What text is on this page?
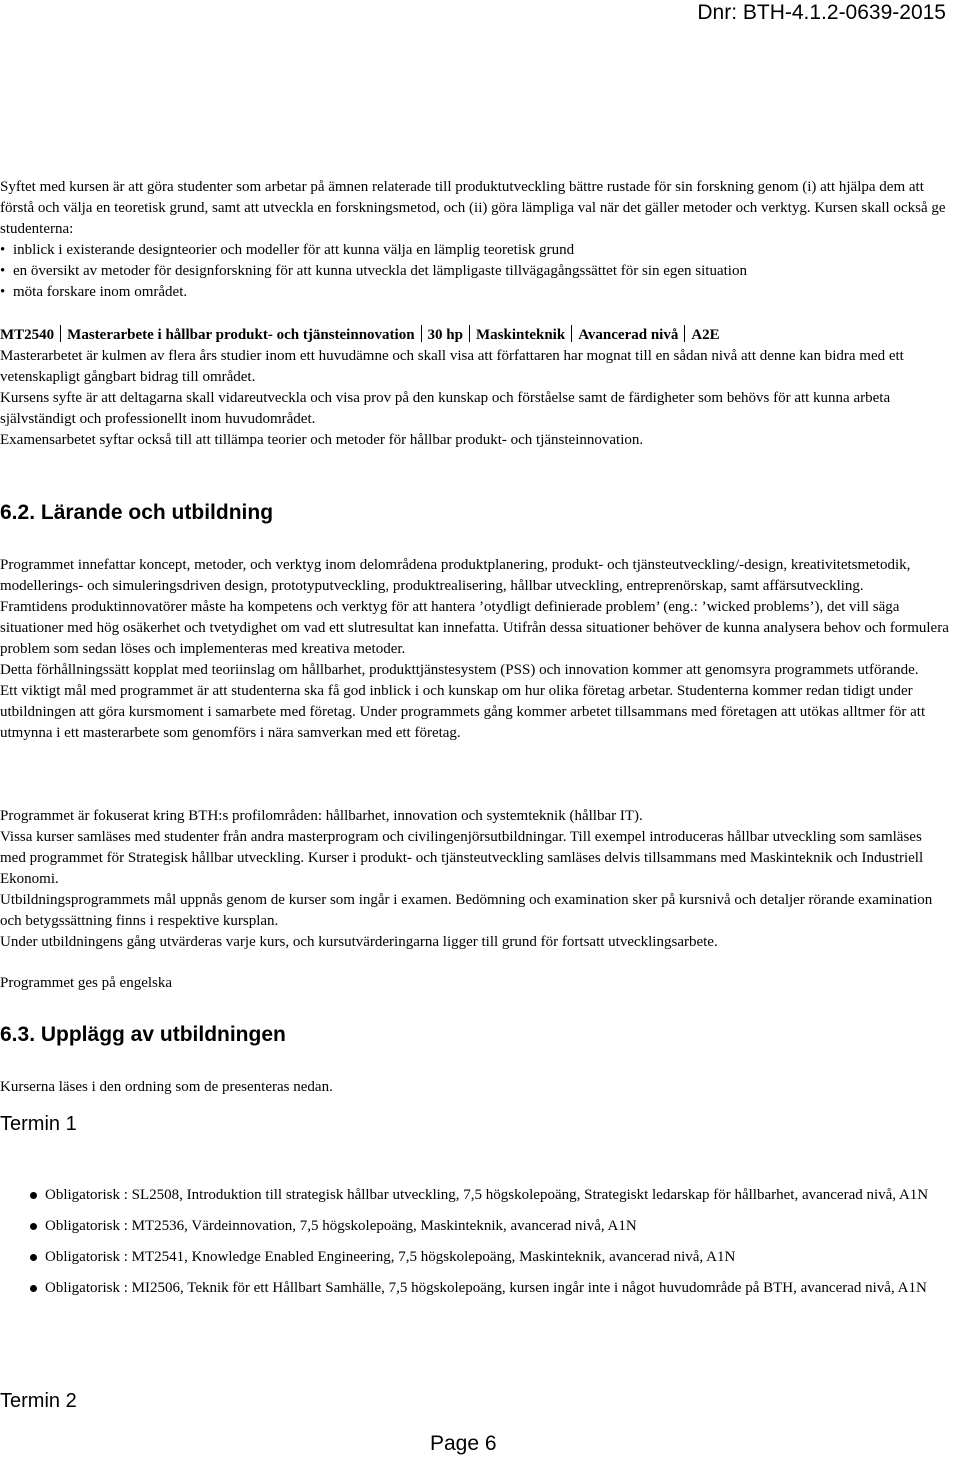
Dnr: BTH-4.1.2-0639-2015

Syftet med kursen är att göra studenter som arbetar på ämnen relaterade till produktutveckling bättre rustade för sin forskning genom (i) att hjälpa dem att förstå och välja en teoretisk grund, samt att utveckla en forskningsmetod, och (ii) göra lämpliga val när det gäller metoder och verktyg. Kursen skall också ge studenterna:

• inblick i existerande designteorier och modeller för att kunna välja en lämplig teoretisk grund

• en översikt av metoder för designforskning för att kunna utveckla det lämpligaste tillvägagångssättet för sin egen situation

• möta forskare inom området.

MT2540 Masterarbete i hållbar produkt- och tjänsteinnovation 30 hp Maskinteknik Avancerad nivå A2E

Masterarbetet är kulmen av flera års studier inom ett huvudämne och skall visa att författaren har mognat till en sådan nivå att denne kan bidra med ett vetenskapligt gångbart bidrag till området.

Kursens syfte är att deltagarna skall vidareutveckla och visa prov på den kunskap och förståelse samt de färdigheter som behövs för att kunna arbeta självständigt och professionellt inom huvudområdet.

Examensarbetet syftar också till att tillämpa teorier och metoder för hållbar produkt- och tjänsteinnovation.

6.2. Lärande och utbildning

Programmet innefattar koncept, metoder, och verktyg inom delområdena produktplanering, produkt- och tjänsteutveckling/-design, kreativitetsmetodik, modellerings- och simuleringsdriven design, prototyputveckling, produktrealisering, hållbar utveckling, entreprenörskap, samt affärsutveckling.

Framtidens produktinnovatörer måste ha kompetens och verktyg för att hantera ’otydligt definierade problem’ (eng.: ’wicked problems’), det vill säga situationer med hög osäkerhet och tvetydighet om vad ett slutresultat kan innefatta. Utifrån dessa situationer behöver de kunna analysera behov och formulera problem som sedan löses och implementeras med kreativa metoder.

Detta förhållningssätt kopplat med teoriinslag om hållbarhet, produkttjänstesystem (PSS) och innovation kommer att genomsyra programmets utförande.

Ett viktigt mål med programmet är att studenterna ska få god inblick i och kunskap om hur olika företag arbetar. Studenterna kommer redan tidigt under utbildningen att göra kursmoment i samarbete med företag. Under programmets gång kommer arbetet tillsammans med företagen att utökas alltmer för att utmynna i ett masterarbete som genomförs i nära samverkan med ett företag.

Programmet är fokuserat kring BTH:s profilområden: hållbarhet, innovation och systemteknik (hållbar IT).

Vissa kurser samläses med studenter från andra masterprogram och civilingenjörsutbildningar. Till exempel introduceras hållbar utveckling som samläses med programmet för Strategisk hållbar utveckling. Kurser i produkt- och tjänsteutveckling samläses delvis tillsammans med Maskinteknik och Industriell Ekonomi.

Utbildningsprogrammets mål uppnås genom de kurser som ingår i examen. Bedömning och examination sker på kursnivå och detaljer rörande examination och betygssättning finns i respektive kursplan.

Under utbildningens gång utvärderas varje kurs, och kursutvärderingarna ligger till grund för fortsatt utvecklingsarbete.

Programmet ges på engelska
6.3. Upplägg av utbildningen
Kurserna läses i den ordning som de presenteras nedan.
Termin 1
Obligatorisk : SL2508, Introduktion till strategisk hållbar utveckling, 7,5 högskolepoäng, Strategiskt ledarskap för hållbarhet, avancerad nivå, A1N
Obligatorisk : MT2536, Värdeinnovation, 7,5 högskolepoäng, Maskinteknik, avancerad nivå, A1N
Obligatorisk : MT2541, Knowledge Enabled Engineering, 7,5 högskolepoäng, Maskinteknik, avancerad nivå, A1N
Obligatorisk : MI2506, Teknik för ett Hållbart Samhälle, 7,5 högskolepoäng, kursen ingår inte i något huvudområde på BTH, avancerad nivå, A1N
Termin 2
Page 6
